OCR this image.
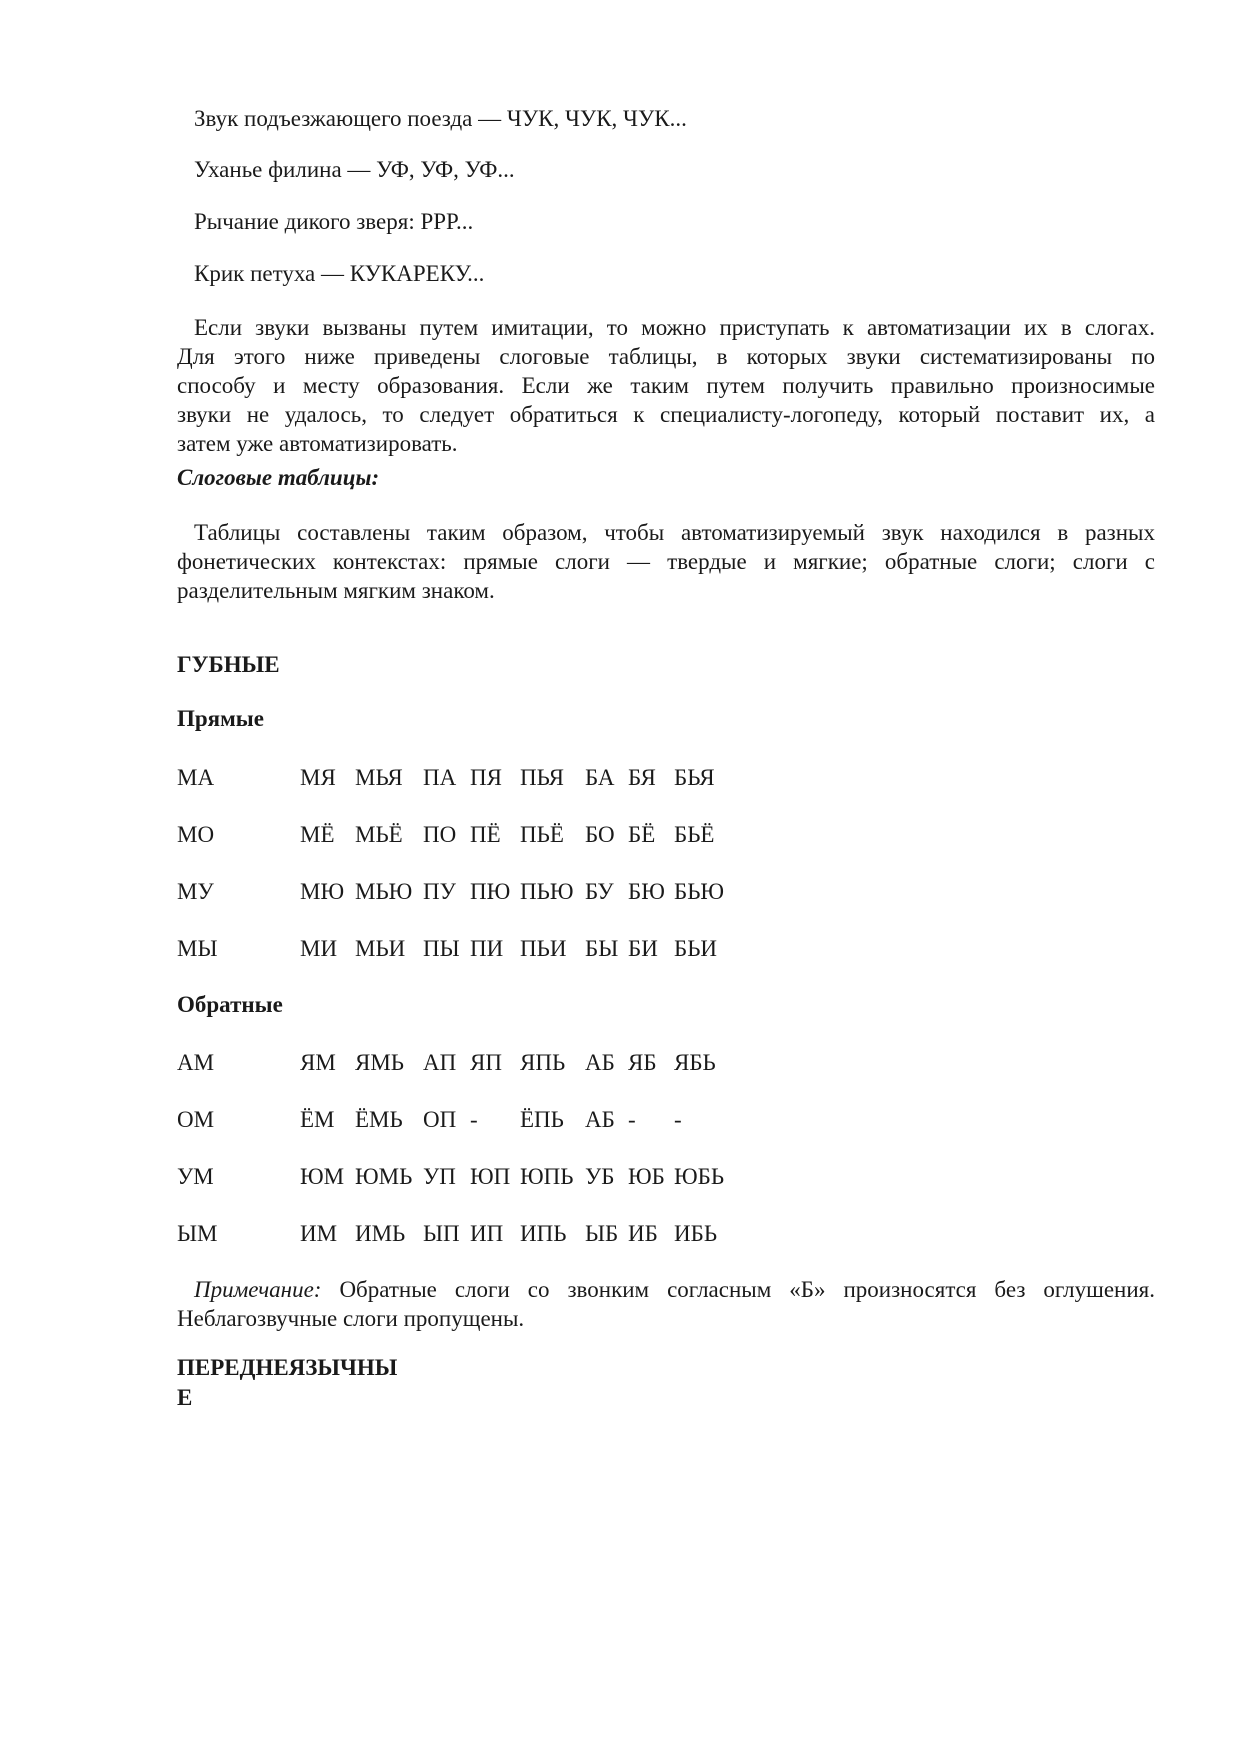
Звук подъезжающего поезда — ЧУК, ЧУК, ЧУК...
Уханье филина — УФ, УФ, УФ...
Рычание дикого зверя: РРР...
Крик петуха — КУКАРЕКУ...
Если звуки вызваны путем имитации, то можно приступать к автоматизации их в слогах.
Для этого ниже приведены слоговые таблицы, в которых звуки систематизированы по
способу и месту образования. Если же таким путем получить правильно произносимые
звуки не удалось, то следует обратиться к специалисту-логопеду, который поставит их, а
затем уже автоматизировать.
Слоговые таблицы:
Таблицы составлены таким образом, чтобы автоматизируемый звук находился в разных
фонетических контекстах: прямые слоги — твердые и мягкие; обратные слоги; слоги с
разделительным мягким знаком.
ГУБНЫЕ
Прямые
МА	МЯ МЬЯ ПА ПЯ ПЬЯ БА БЯ БЬЯ
МО	МЁ МЬЁ ПО ПЁ ПЬЁ БО БЁ БЬЁ
МУ	МЮ МЬЮ ПУ ПЮ ПЬЮ БУ БЮ БЬЮ
МЫ	МИ МЬИ ПЫ ПИ ПЬИ БЫ БИ БЬИ
Обратные
АМ	ЯМ ЯМЬ АП ЯП ЯПЬ АБ ЯБ ЯБЬ
ОМ	ЁМ ЁМЬ ОП - ЁПЬ АБ - -
УМ	ЮМ ЮМЬ УП ЮП ЮПЬ УБ ЮБ ЮБЬ
ЫМ	ИМ ИМЬ ЫП ИП ИПЬ ЫБ ИБ ИБЬ
Примечание: Обратные слоги со звонким согласным «Б» произносятся без оглушения.
Неблагозвучные слоги пропущены.
ПЕРЕДНЕЯЗЫЧНЫ
Е
